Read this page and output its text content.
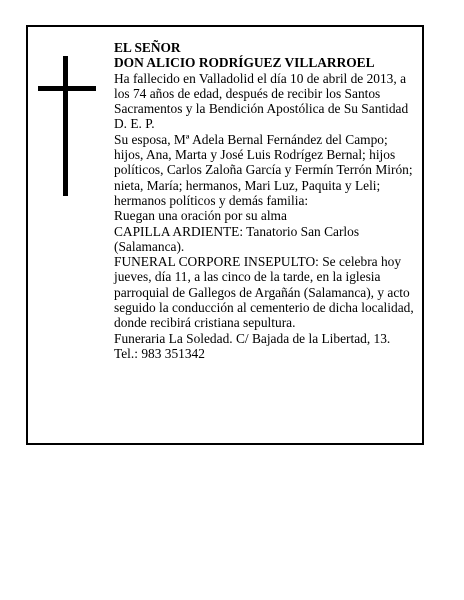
EL SEÑOR
DON ALICIO RODRÍGUEZ VILLARROEL
Ha fallecido en Valladolid el día 10 de abril de 2013, a
los 74 años de edad, después de recibir los Santos
Sacramentos y la Bendición Apostólica de Su Santidad
D. E. P.
Su esposa, Mª Adela Bernal Fernández del Campo;
hijos, Ana, Marta y José Luis Rodrígez Bernal; hijos
políticos, Carlos Zaloña García y Fermín Terrón Mirón;
nieta, María; hermanos, Mari Luz, Paquita y Leli;
hermanos políticos y demás familia:
Ruegan una oración por su alma
CAPILLA ARDIENTE: Tanatorio San Carlos
(Salamanca).
FUNERAL CORPORE INSEPULTO: Se celebra hoy
jueves, día 11, a las cinco de la tarde, en la iglesia
parroquial de Gallegos de Argañán (Salamanca), y acto
seguido la conducción al cementerio de dicha localidad,
donde recibirá cristiana sepultura.
Funeraria La Soledad. C/ Bajada de la Libertad, 13.
Tel.: 983 351342
